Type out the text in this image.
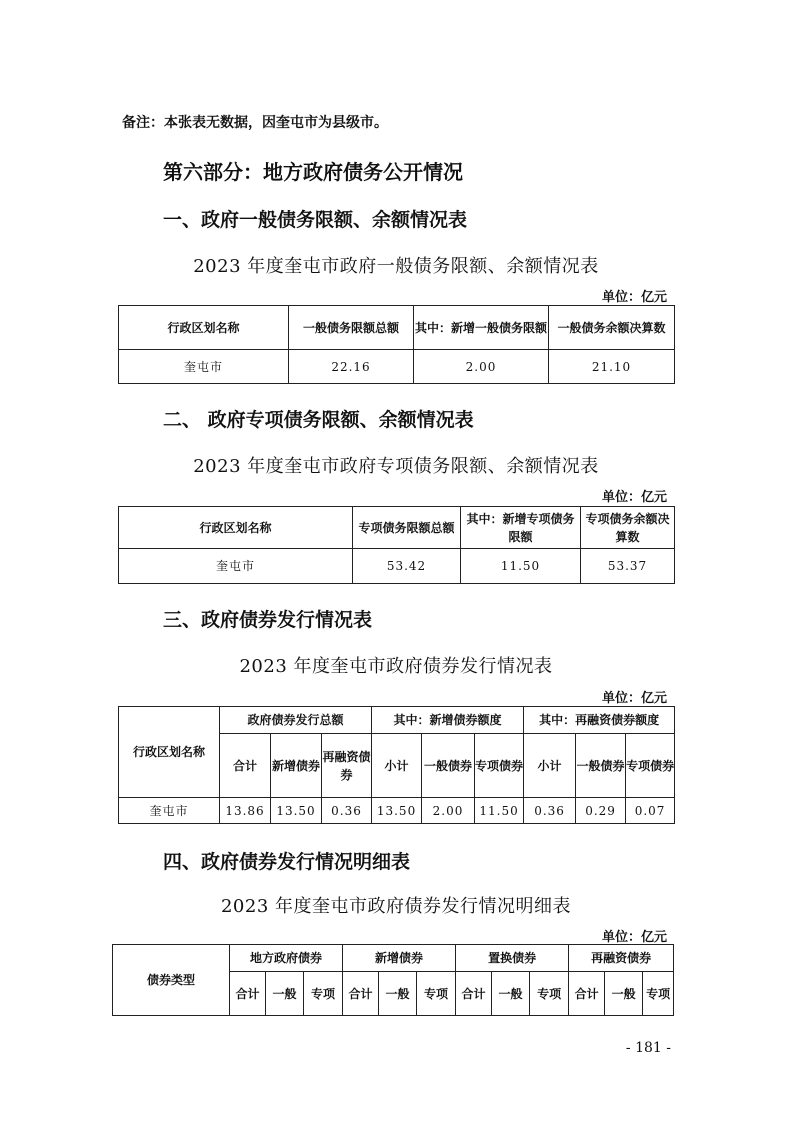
备注：本张表无数据，因奎屯市为县级市。
第六部分：地方政府债务公开情况
一、政府一般债务限额、余额情况表
2023 年度奎屯市政府一般债务限额、余额情况表
单位：亿元
行政区划名称	一般债务限额总额	其中：新增一般债务限额	一般债务余额决算数
奎屯市	22.16	2.00	21.10
二、 政府专项债务限额、余额情况表
2023 年度奎屯市政府专项债务限额、余额情况表
单位：亿元
行政区划名称	专项债务限额总额	其中：新增专项债务限额	专项债务余额决算数
奎屯市	53.42	11.50	53.37
三、政府债券发行情况表
2023 年度奎屯市政府债券发行情况表
单位：亿元
行政区划名称	政府债券发行总额			其中：新增债券额度			其中：再融资债券额度		
	合计	新增债券	再融资债券	小计	一般债券	专项债券	小计	一般债券	专项债券
奎屯市	13.86	13.50	0.36	13.50	2.00	11.50	0.36	0.29	0.07
四、政府债券发行情况明细表
2023 年度奎屯市政府债券发行情况明细表
单位：亿元
债券类型	地方政府债券			新增债券			置换债券			再融资债券		
	合计	一般	专项	合计	一般	专项	合计	一般	专项	合计	一般	专项
- 181 -
